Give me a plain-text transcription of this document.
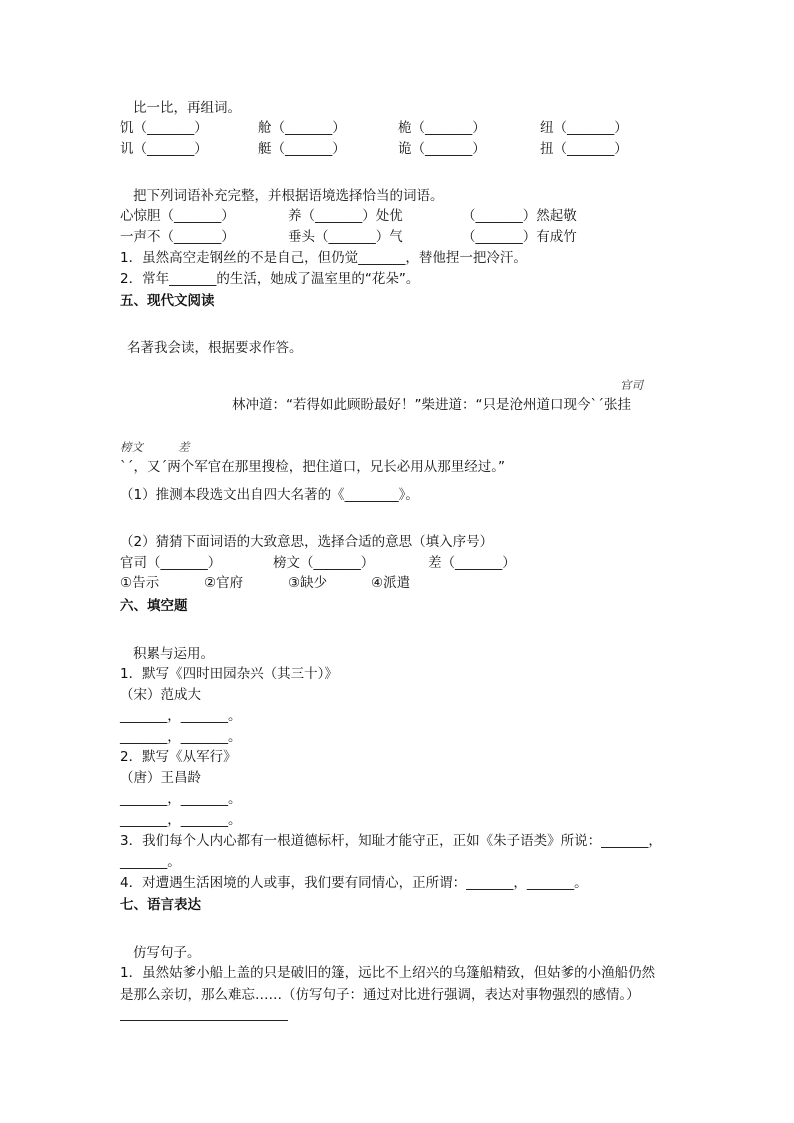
比一比，再组词。
饥（_______）	舱（_______）	桅（_______）	纽（_______）
讥（_______）	艇（_______）	诡（_______）	扭（_______）
把下列词语补充完整，并根据语境选择恰当的词语。
心惊胆（_______）	养（_______）处优	（_______）然起敬
一声不（_______）	垂头（_______）气	（_______）有成竹
1．虽然高空走钢丝的不是自己，但仍觉_______，替他捏一把冷汗。
2．常年_______的生活，她成了温室里的“花朵”。
五、现代文阅读
名著我会读，根据要求作答。
官司
林冲道：“若得如此顾盼最好！”柴进道：“只是沧州道口现今ˋˊ张挂
榜文	差
ˋˊ，又ˊ两个军官在那里搜检，把住道口，兄长必用从那里经过。”
（1）推测本段选文出自四大名著的《________》。
（2）猜猜下面词语的大致意思，选择合适的意思（填入序号）
官司（_______）	榜文（_______）	差（_______）
①告示	②官府	③缺少	④派遣
六、填空题
积累与运用。
1．默写《四时田园杂兴（其三十）》
（宋）范成大
_______，_______。
_______，_______。
2．默写《从军行》
（唐）王昌龄
_______，_______。
_______，_______。
3．我们每个人内心都有一根道德标杆，知耻才能守正，正如《朱子语类》所说：_______，
_______。
4．对遭遇生活困境的人或事，我们要有同情心，正所谓：_______，_______。
七、语言表达
仿写句子。
1．虽然姑爹小船上盖的只是破旧的篷，远比不上绍兴的乌篷船精致，但姑爹的小渔船仍然
是那么亲切，那么难忘……（仿写句子：通过对比进行强调，表达对事物强烈的感情。）
